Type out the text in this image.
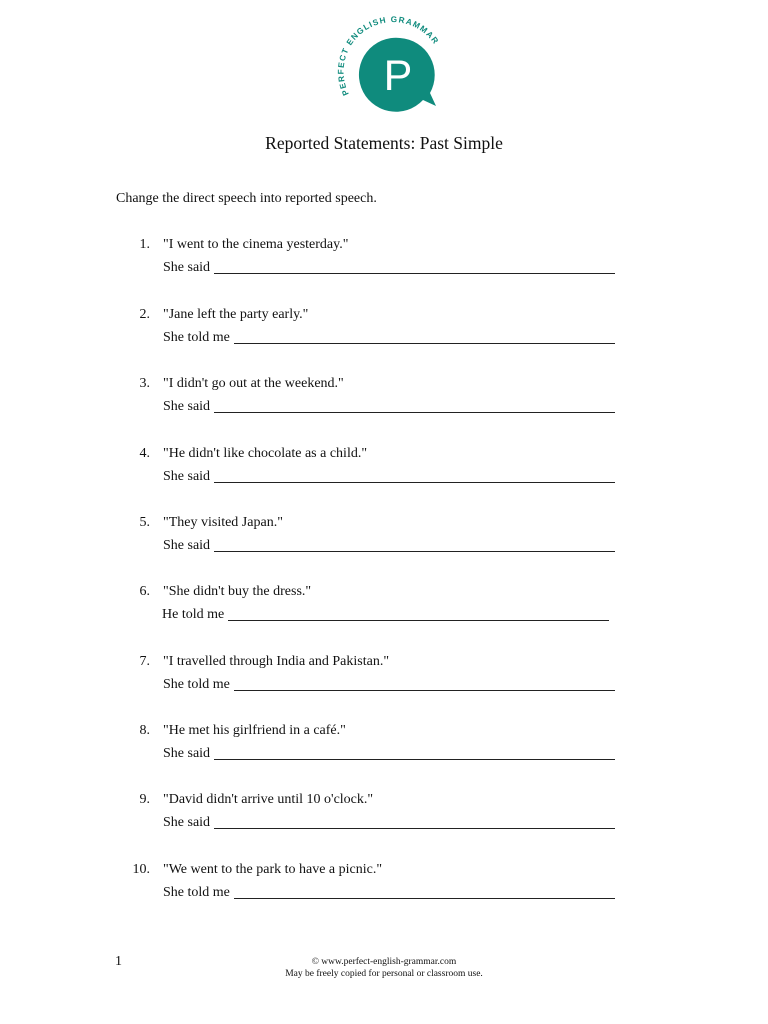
PERFECT ENGLISH GRAMMAR
P
Reported Statements: Past Simple
Change the direct speech into reported speech.
1. "I went to the cinema yesterday."
She said
2. "Jane left the party early."
She told me
3. "I didn't go out at the weekend."
She said
4. "He didn't like chocolate as a child."
She said
5. "They visited Japan."
She said
6. "She didn't buy the dress."
He told me
7. "I travelled through India and Pakistan."
She told me
8. "He met his girlfriend in a café."
She said
9. "David didn't arrive until 10 o'clock."
She said
10. "We went to the park to have a picnic."
She told me
1	© www.perfect-english-grammar.com
May be freely copied for personal or classroom use.
